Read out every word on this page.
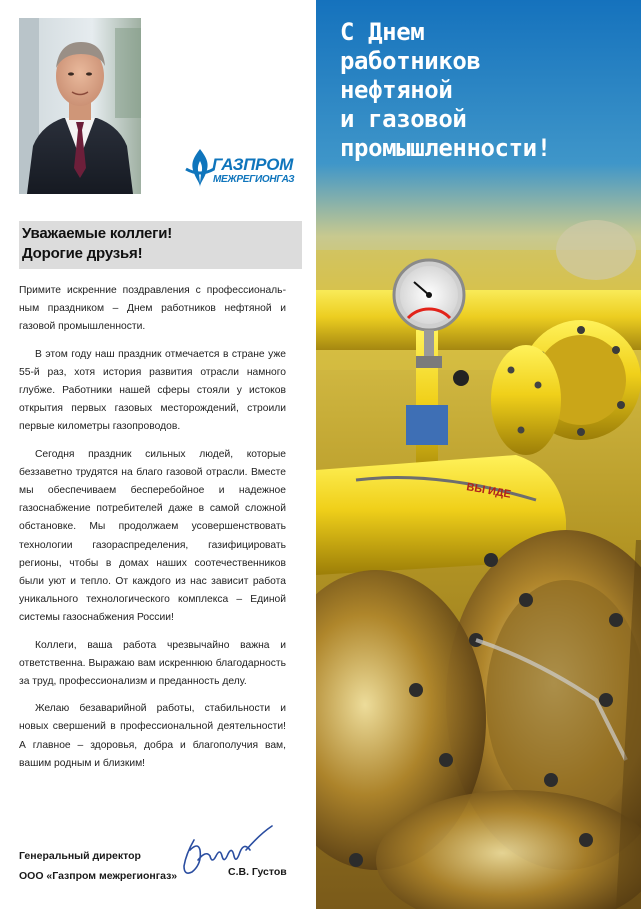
ГАЗПРОМ
МЕЖРЕГИОНГАЗ
Уважаемые коллеги!
Дорогие друзья!

Примите искренние поздравления с профессиональным праздником – Днем работников нефтяной и газовой промышленности.

В этом году наш праздник отмечается в стране уже 55-й раз, хотя история развития отрасли намного глубже. Работники нашей сферы стояли у истоков открытия первых газовых месторождений, строили первые километры газопроводов.

Сегодня праздник сильных людей, которые беззаветно трудятся на благо газовой отрасли. Вместе мы обеспечиваем бесперебойное и надежное газоснабжение потребителей даже в самой сложной обстановке. Мы продолжаем усовершенствовать технологии газораспределения, газифицировать регионы, чтобы в домах наших соотечественников были уют и тепло. От каждого из нас зависит работа уникального технологического комплекса – Единой системы газоснабжения России!

Коллеги, ваша работа чрезвычайно важна и ответственна. Выражаю вам искреннюю благодарность за труд, профессионализм и преданность делу.

Желаю безаварийной работы, стабильности и новых свершений в профессиональной деятельности! А главное – здоровья, добра и благополучия вам, вашим родным и близким!

Генеральный директор
ООО «Газпром межрегионгаз»	С.В. Густов
ВЫ ИДЕ
С Днем
работников
нефтяной
и газовой
промышленности!
